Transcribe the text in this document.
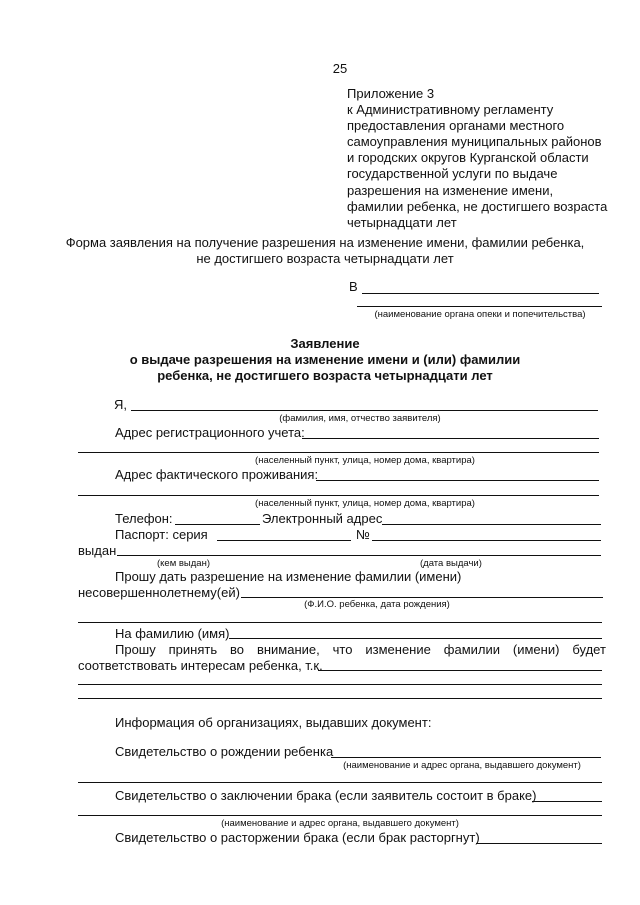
25
Приложение 3
к Административному регламенту
предоставления органами местного
самоуправления муниципальных районов
и городских округов Курганской области
государственной услуги по выдаче
разрешения на изменение имени,
фамилии ребенка, не достигшего возраста
четырнадцати лет
Форма заявления на получение разрешения на изменение имени, фамилии ребенка,
не достигшего возраста четырнадцати лет
В
(наименование органа опеки и попечительства)
Заявление
о выдаче разрешения на изменение имени и (или) фамилии
ребенка, не достигшего возраста четырнадцати лет
Я,
(фамилия, имя, отчество заявителя)
Адрес регистрационного учета:
(населенный пункт, улица, номер дома, квартира)
Адрес фактического проживания:
(населенный пункт, улица, номер дома, квартира)
Телефон:	Электронный адрес
Паспорт: серия	№
выдан
(кем выдан)	(дата выдачи)
Прошу дать разрешение на изменение фамилии (имени)
несовершеннолетнему(ей)
(Ф.И.О. ребенка, дата рождения)
На фамилию (имя)
Прошу принять во внимание, что изменение фамилии (имени) будет
соответствовать интересам ребенка, т.к.
Информация об организациях, выдавших документ:
Свидетельство о рождении ребенка
(наименование и адрес органа, выдавшего документ)
Свидетельство о заключении брака (если заявитель состоит в браке)
(наименование и адрес органа, выдавшего документ)
Свидетельство о расторжении брака (если брак расторгнут)
